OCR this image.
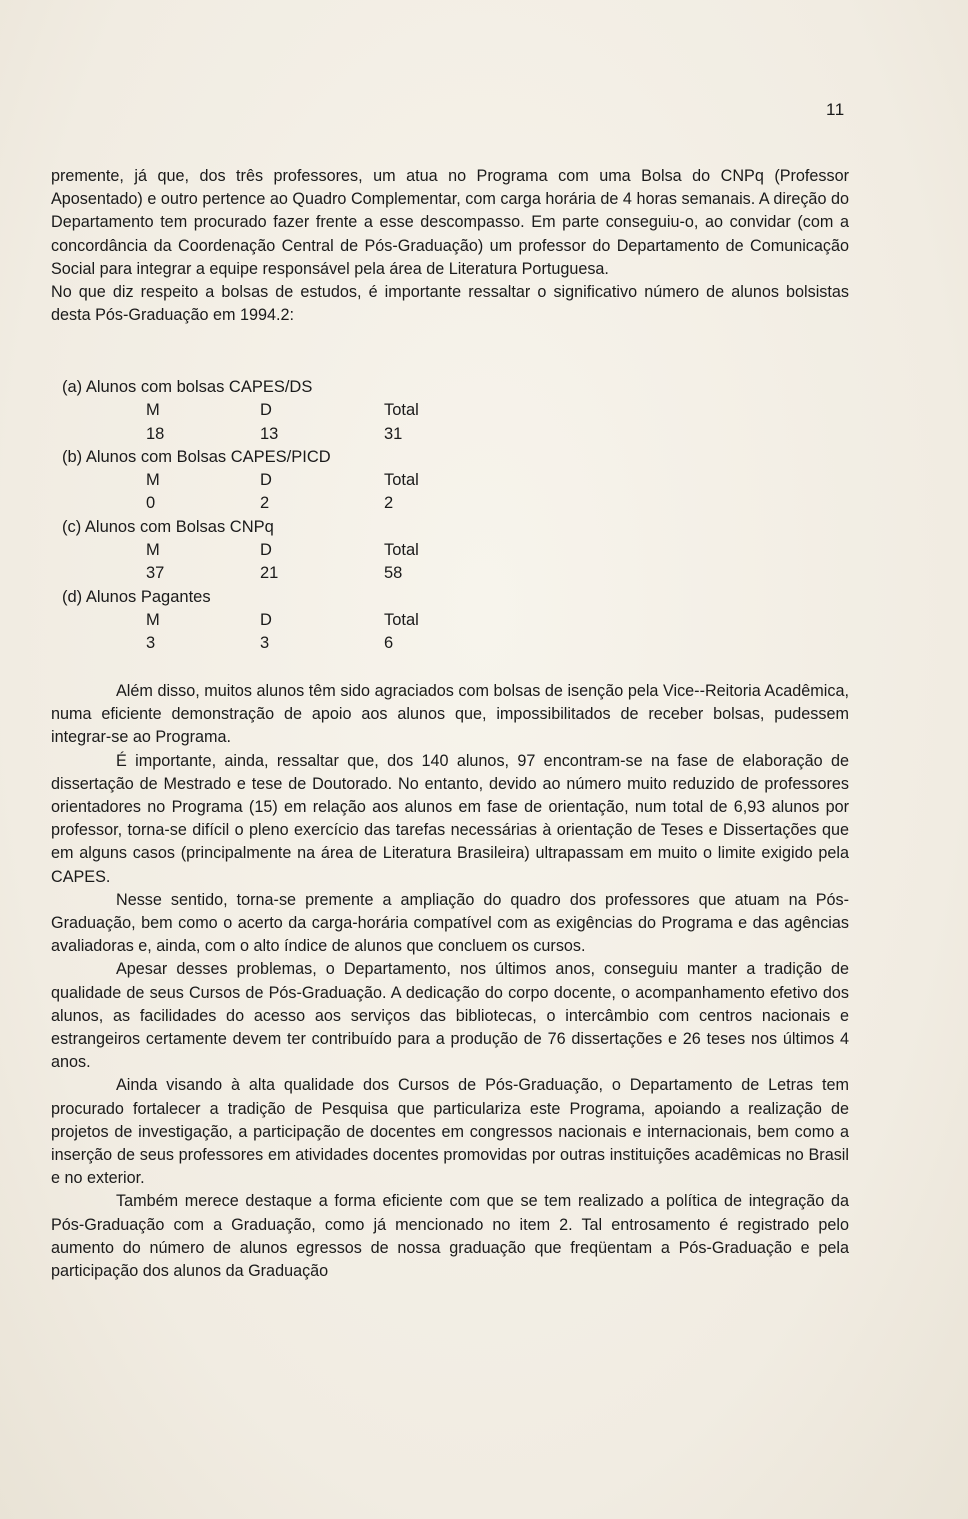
11

premente, já que, dos três professores, um atua no Programa com uma Bolsa do CNPq (Professor Aposentado) e outro pertence ao Quadro Complementar, com carga horária de 4 horas semanais. A direção do Departamento tem procurado fazer frente a esse descompasso. Em parte conseguiu-o, ao convidar (com a concordância da Coordenação Central de Pós-Graduação) um professor do Departamento de Comunicação Social para integrar a equipe responsável pela área de Literatura Portuguesa.

No que diz respeito a bolsas de estudos, é importante ressaltar o significativo número de alunos bolsistas desta Pós-Graduação em 1994.2:

(a) Alunos com bolsas CAPES/DS
M	D	Total
18	13	31
(b) Alunos com Bolsas CAPES/PICD
M	D	Total
0	2	2
(c) Alunos com Bolsas CNPq
M	D	Total
37	21	58
(d) Alunos Pagantes
M	D	Total
3	3	6

Além disso, muitos alunos têm sido agraciados com bolsas de isenção pela Vice--Reitoria Acadêmica, numa eficiente demonstração de apoio aos alunos que, impossibilitados de receber bolsas, pudessem integrar-se ao Programa.

É importante, ainda, ressaltar que, dos 140 alunos, 97 encontram-se na fase de elaboração de dissertação de Mestrado e tese de Doutorado. No entanto, devido ao número muito reduzido de professores orientadores no Programa (15) em relação aos alunos em fase de orientação, num total de 6,93 alunos por professor, torna-se difícil o pleno exercício das tarefas necessárias à orientação de Teses e Dissertações que em alguns casos (principalmente na área de Literatura Brasileira) ultrapassam em muito o limite exigido pela CAPES.

Nesse sentido, torna-se premente a ampliação do quadro dos professores que atuam na Pós-Graduação, bem como o acerto da carga-horária compatível com as exigências do Programa e das agências avaliadoras e, ainda, com o alto índice de alunos que concluem os cursos.

Apesar desses problemas, o Departamento, nos últimos anos, conseguiu manter a tradição de qualidade de seus Cursos de Pós-Graduação. A dedicação do corpo docente, o acompanhamento efetivo dos alunos, as facilidades do acesso aos serviços das bibliotecas, o intercâmbio com centros nacionais e estrangeiros certamente devem ter contribuído para a produção de 76 dissertações e 26 teses nos últimos 4 anos.

Ainda visando à alta qualidade dos Cursos de Pós-Graduação, o Departamento de Letras tem procurado fortalecer a tradição de Pesquisa que particulariza este Programa, apoiando a realização de projetos de investigação, a participação de docentes em congressos nacionais e internacionais, bem como a inserção de seus professores em atividades docentes promovidas por outras instituições acadêmicas no Brasil e no exterior.

Também merece destaque a forma eficiente com que se tem realizado a política de integração da Pós-Graduação com a Graduação, como já mencionado no item 2. Tal entrosamento é registrado pelo aumento do número de alunos egressos de nossa graduação que freqüentam a Pós-Graduação e pela participação dos alunos da Graduação
